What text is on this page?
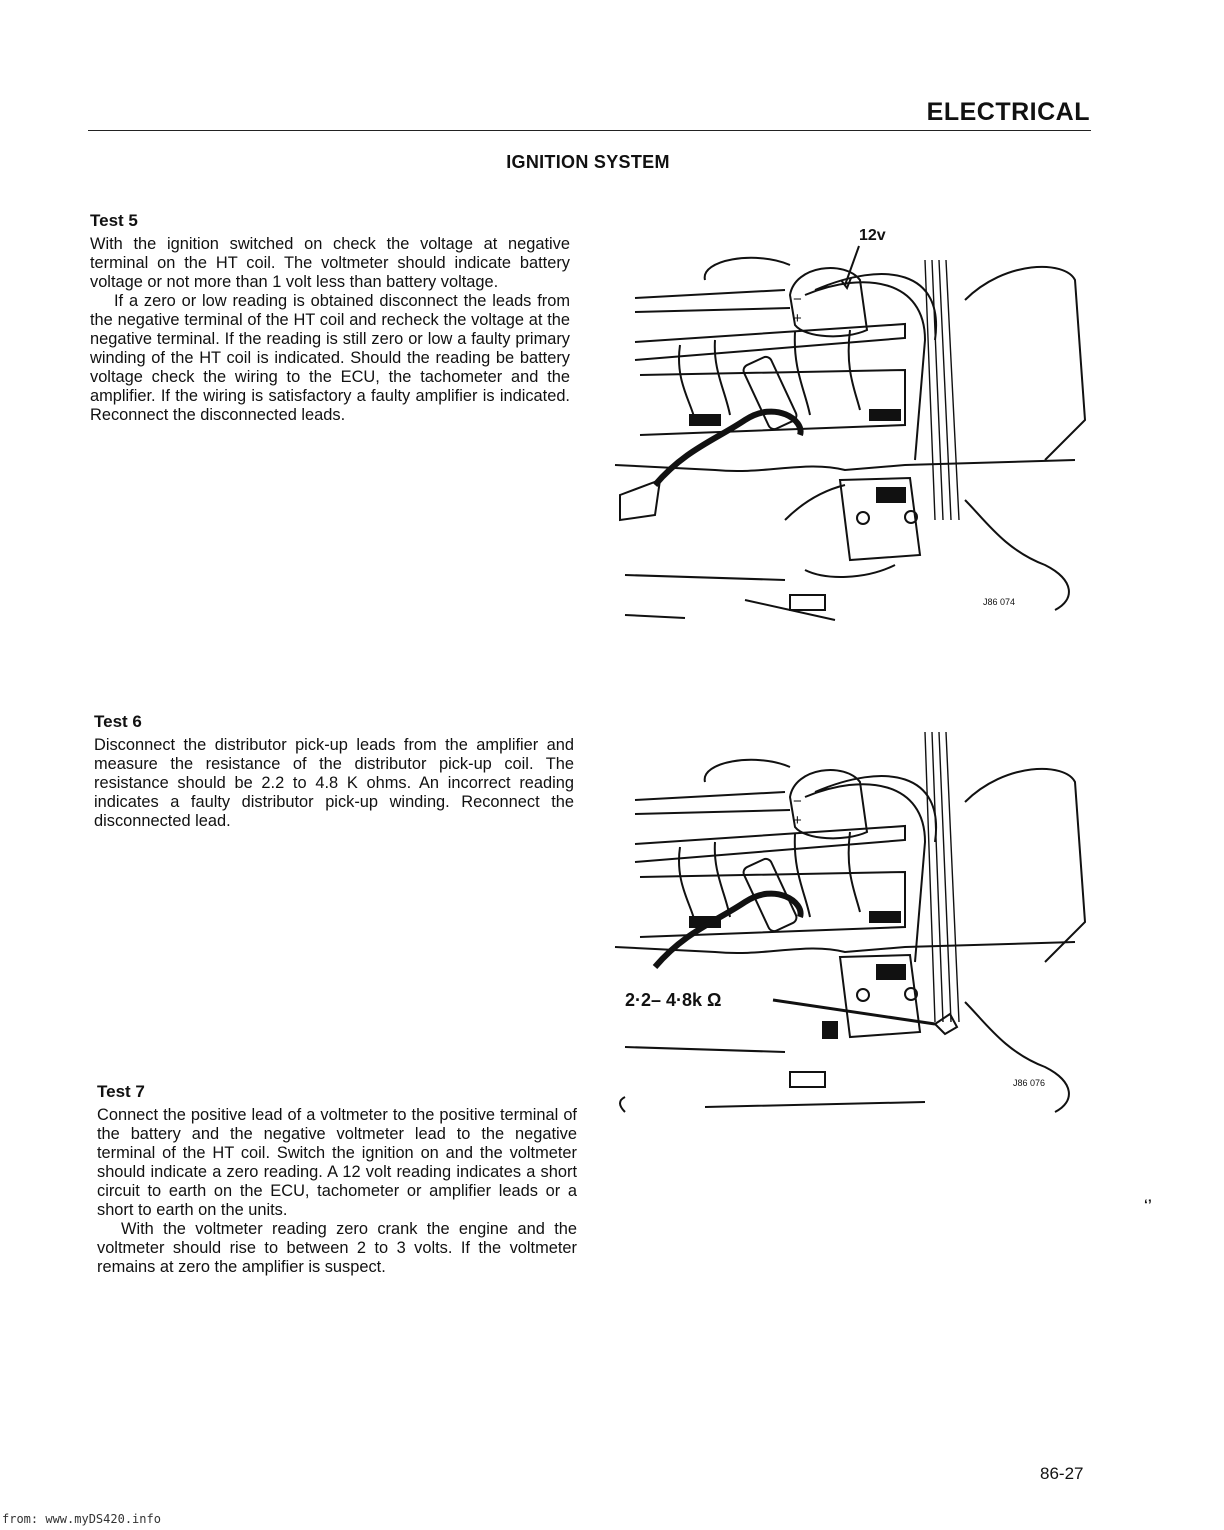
ELECTRICAL
IGNITION SYSTEM
Test 5

With the ignition switched on check the voltage at negative terminal on the HT coil. The voltmeter should indicate battery voltage or not more than 1 volt less than battery voltage.

If a zero or low reading is obtained disconnect the leads from the negative terminal of the HT coil and recheck the voltage at the negative terminal. If the reading is still zero or low a faulty primary winding of the HT coil is indicated. Should the reading be battery voltage check the wiring to the ECU, the tachometer and the amplifier. If the wiring is satisfactory a faulty amplifier is indicated. Reconnect the disconnected leads.

Test 6

Disconnect the distributor pick-up leads from the amplifier and measure the resistance of the distributor pick-up coil. The resistance should be 2.2 to 4.8 K ohms. An incorrect reading indicates a faulty distributor pick-up winding. Reconnect the disconnected lead.

Test 7

Connect the positive lead of a voltmeter to the positive terminal of the battery and the negative voltmeter lead to the negative terminal of the HT coil. Switch the ignition on and the voltmeter should indicate a zero reading. A 12 volt reading indicates a short circuit to earth on the ECU, tachometer or amplifier leads or a short to earth on the units.

With the voltmeter reading zero crank the engine and the voltmeter should rise to between 2 to 3 volts. If the voltmeter remains at zero the amplifier is suspect.

12v
−
+
J86 074
−
+
2·2– 4·8k Ω
J86 076
‘’
86-27
from: www.myDS420.info
